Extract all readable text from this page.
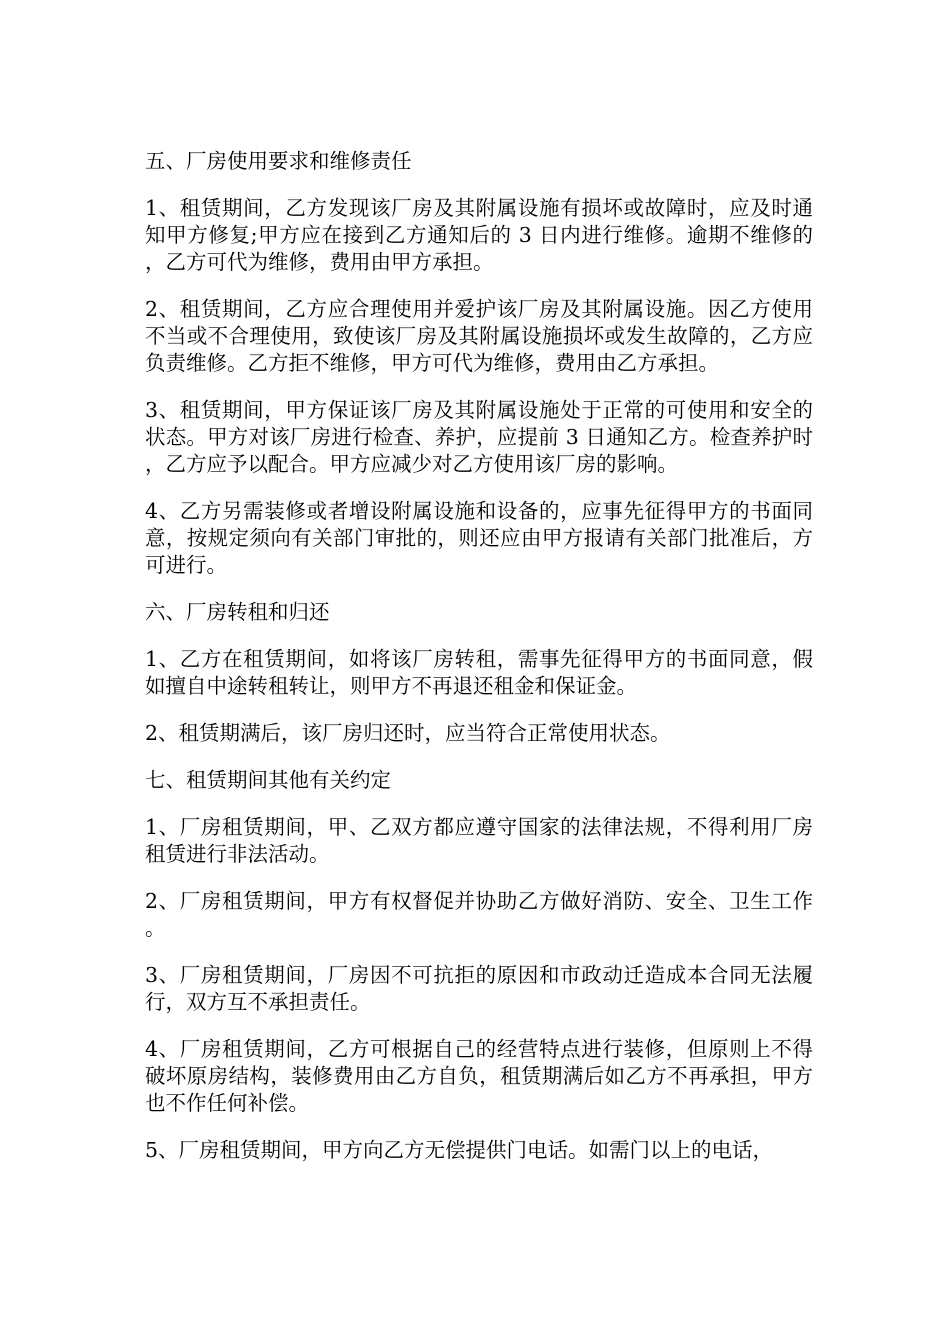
五、厂房使用要求和维修责任

1、租赁期间，乙方发现该厂房及其附属设施有损坏或故障时，应及时通知甲方修复;甲方应在接到乙方通知后的 3 日内进行维修。逾期不维修的，乙方可代为维修，费用由甲方承担。

2、租赁期间，乙方应合理使用并爱护该厂房及其附属设施。因乙方使用不当或不合理使用，致使该厂房及其附属设施损坏或发生故障的，乙方应负责维修。乙方拒不维修，甲方可代为维修，费用由乙方承担。

3、租赁期间，甲方保证该厂房及其附属设施处于正常的可使用和安全的状态。甲方对该厂房进行检查、养护，应提前 3 日通知乙方。检查养护时，乙方应予以配合。甲方应减少对乙方使用该厂房的影响。

4、乙方另需装修或者增设附属设施和设备的，应事先征得甲方的书面同意，按规定须向有关部门审批的，则还应由甲方报请有关部门批准后，方可进行。

六、厂房转租和归还

1、乙方在租赁期间，如将该厂房转租，需事先征得甲方的书面同意，假如擅自中途转租转让，则甲方不再退还租金和保证金。

2、租赁期满后，该厂房归还时，应当符合正常使用状态。

七、租赁期间其他有关约定

1、厂房租赁期间，甲、乙双方都应遵守国家的法律法规，不得利用厂房租赁进行非法活动。

2、厂房租赁期间，甲方有权督促并协助乙方做好消防、安全、卫生工作。

3、厂房租赁期间，厂房因不可抗拒的原因和市政动迁造成本合同无法履行，双方互不承担责任。

4、厂房租赁期间，乙方可根据自己的经营特点进行装修，但原则上不得破坏原房结构，装修费用由乙方自负，租赁期满后如乙方不再承担，甲方也不作任何补偿。

5、厂房租赁期间，甲方向乙方无偿提供门电话。如需门以上的电话，
